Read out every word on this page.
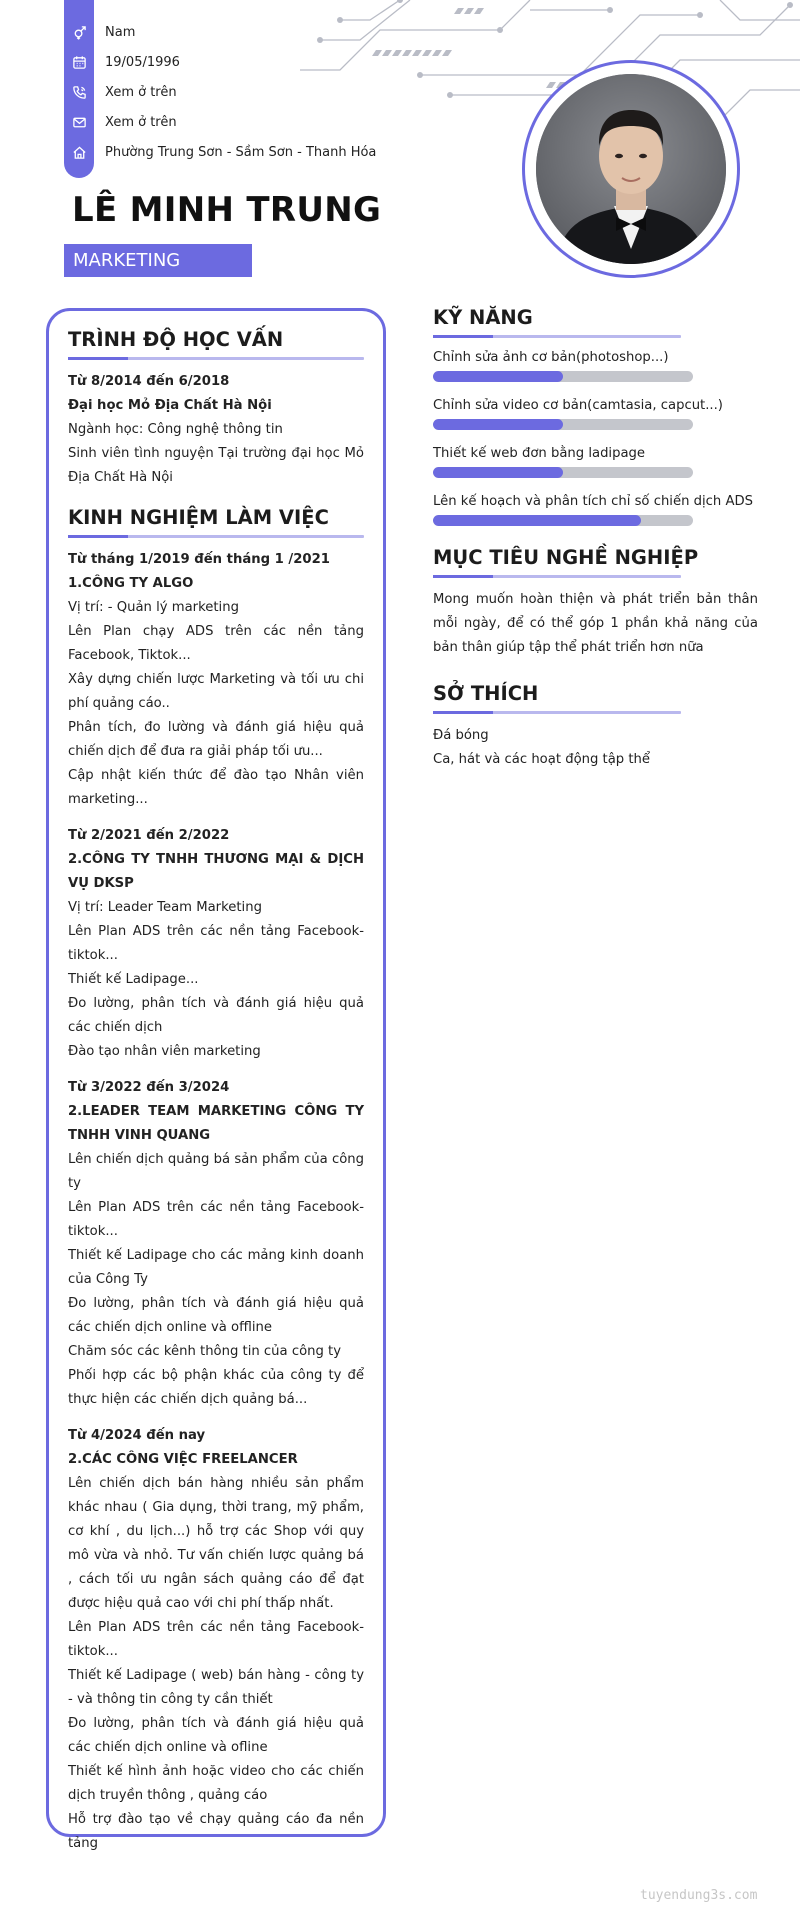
Nam
19/05/1996
Xem ở trên
Xem ở trên
Phường Trung Sơn - Sầm Sơn - Thanh Hóa
LÊ MINH TRUNG
MARKETING
TRÌNH ĐỘ HỌC VẤN
Từ 8/2014 đến 6/2018
Đại học Mỏ Địa Chất Hà Nội
Ngành học: Công nghệ thông tin
Sinh viên tình nguyện Tại trường đại học Mỏ Địa Chất Hà Nội
KINH NGHIỆM LÀM VIỆC
Từ tháng 1/2019 đến tháng 1 /2021
1.CÔNG TY ALGO
Vị trí: - Quản lý marketing
Lên Plan chạy ADS trên các nền tảng Facebook, Tiktok...
Xây dựng chiến lược Marketing và tối ưu chi phí quảng cáo..
Phân tích, đo lường và đánh giá hiệu quả chiến dịch để đưa ra giải pháp tối ưu...
Cập nhật kiến thức để đào tạo Nhân viên marketing...
Từ 2/2021 đến 2/2022
2.CÔNG TY TNHH THƯƠNG MẠI & DỊCH VỤ DKSP
Vị trí: Leader Team Marketing
Lên Plan ADS trên các nền tảng Facebook- tiktok...
Thiết kế Ladipage...
Đo lường, phân tích và đánh giá hiệu quả các chiến dịch
Đào tạo nhân viên marketing
Từ 3/2022 đến 3/2024
2.LEADER TEAM MARKETING CÔNG TY TNHH VINH QUANG
Lên chiến dịch quảng bá sản phẩm của công ty
Lên Plan ADS trên các nền tảng Facebook- tiktok...
Thiết kế Ladipage cho các mảng kinh doanh của Công Ty
Đo lường, phân tích và đánh giá hiệu quả các chiến dịch online và offline
Chăm sóc các kênh thông tin của công ty
Phối hợp các bộ phận khác của công ty để thực hiện các chiến dịch quảng bá...
Từ 4/2024 đến nay
2.CÁC CÔNG VIỆC FREELANCER
Lên chiến dịch bán hàng nhiều sản phẩm khác nhau ( Gia dụng, thời trang, mỹ phẩm, cơ khí , du lịch...) hỗ trợ các Shop với quy mô vừa và nhỏ. Tư vấn chiến lược quảng bá , cách tối ưu ngân sách quảng cáo để đạt được hiệu quả cao với chi phí thấp nhất.
Lên Plan ADS trên các nền tảng Facebook- tiktok...
Thiết kế Ladipage ( web) bán hàng - công ty - và thông tin công ty cần thiết
Đo lường, phân tích và đánh giá hiệu quả các chiến dịch online và ofline
Thiết kế hình ảnh hoặc video cho các chiến dịch truyền thông , quảng cáo
Hỗ trợ đào tạo về chạy quảng cáo đa nền tảng
KỸ NĂNG
Chỉnh sửa ảnh cơ bản(photoshop...)
Chỉnh sửa video cơ bản(camtasia, capcut...)
Thiết kế web đơn bằng ladipage
Lên kế hoạch và phân tích chỉ số chiến dịch ADS
MỤC TIÊU NGHỀ NGHIỆP
Mong muốn hoàn thiện và phát triển bản thân mỗi ngày, để có thể góp 1 phần khả năng của bản thân giúp tập thể phát triển hơn nữa
SỞ THÍCH
Đá bóng
Ca, hát và các hoạt động tập thể
tuyendung3s.com
